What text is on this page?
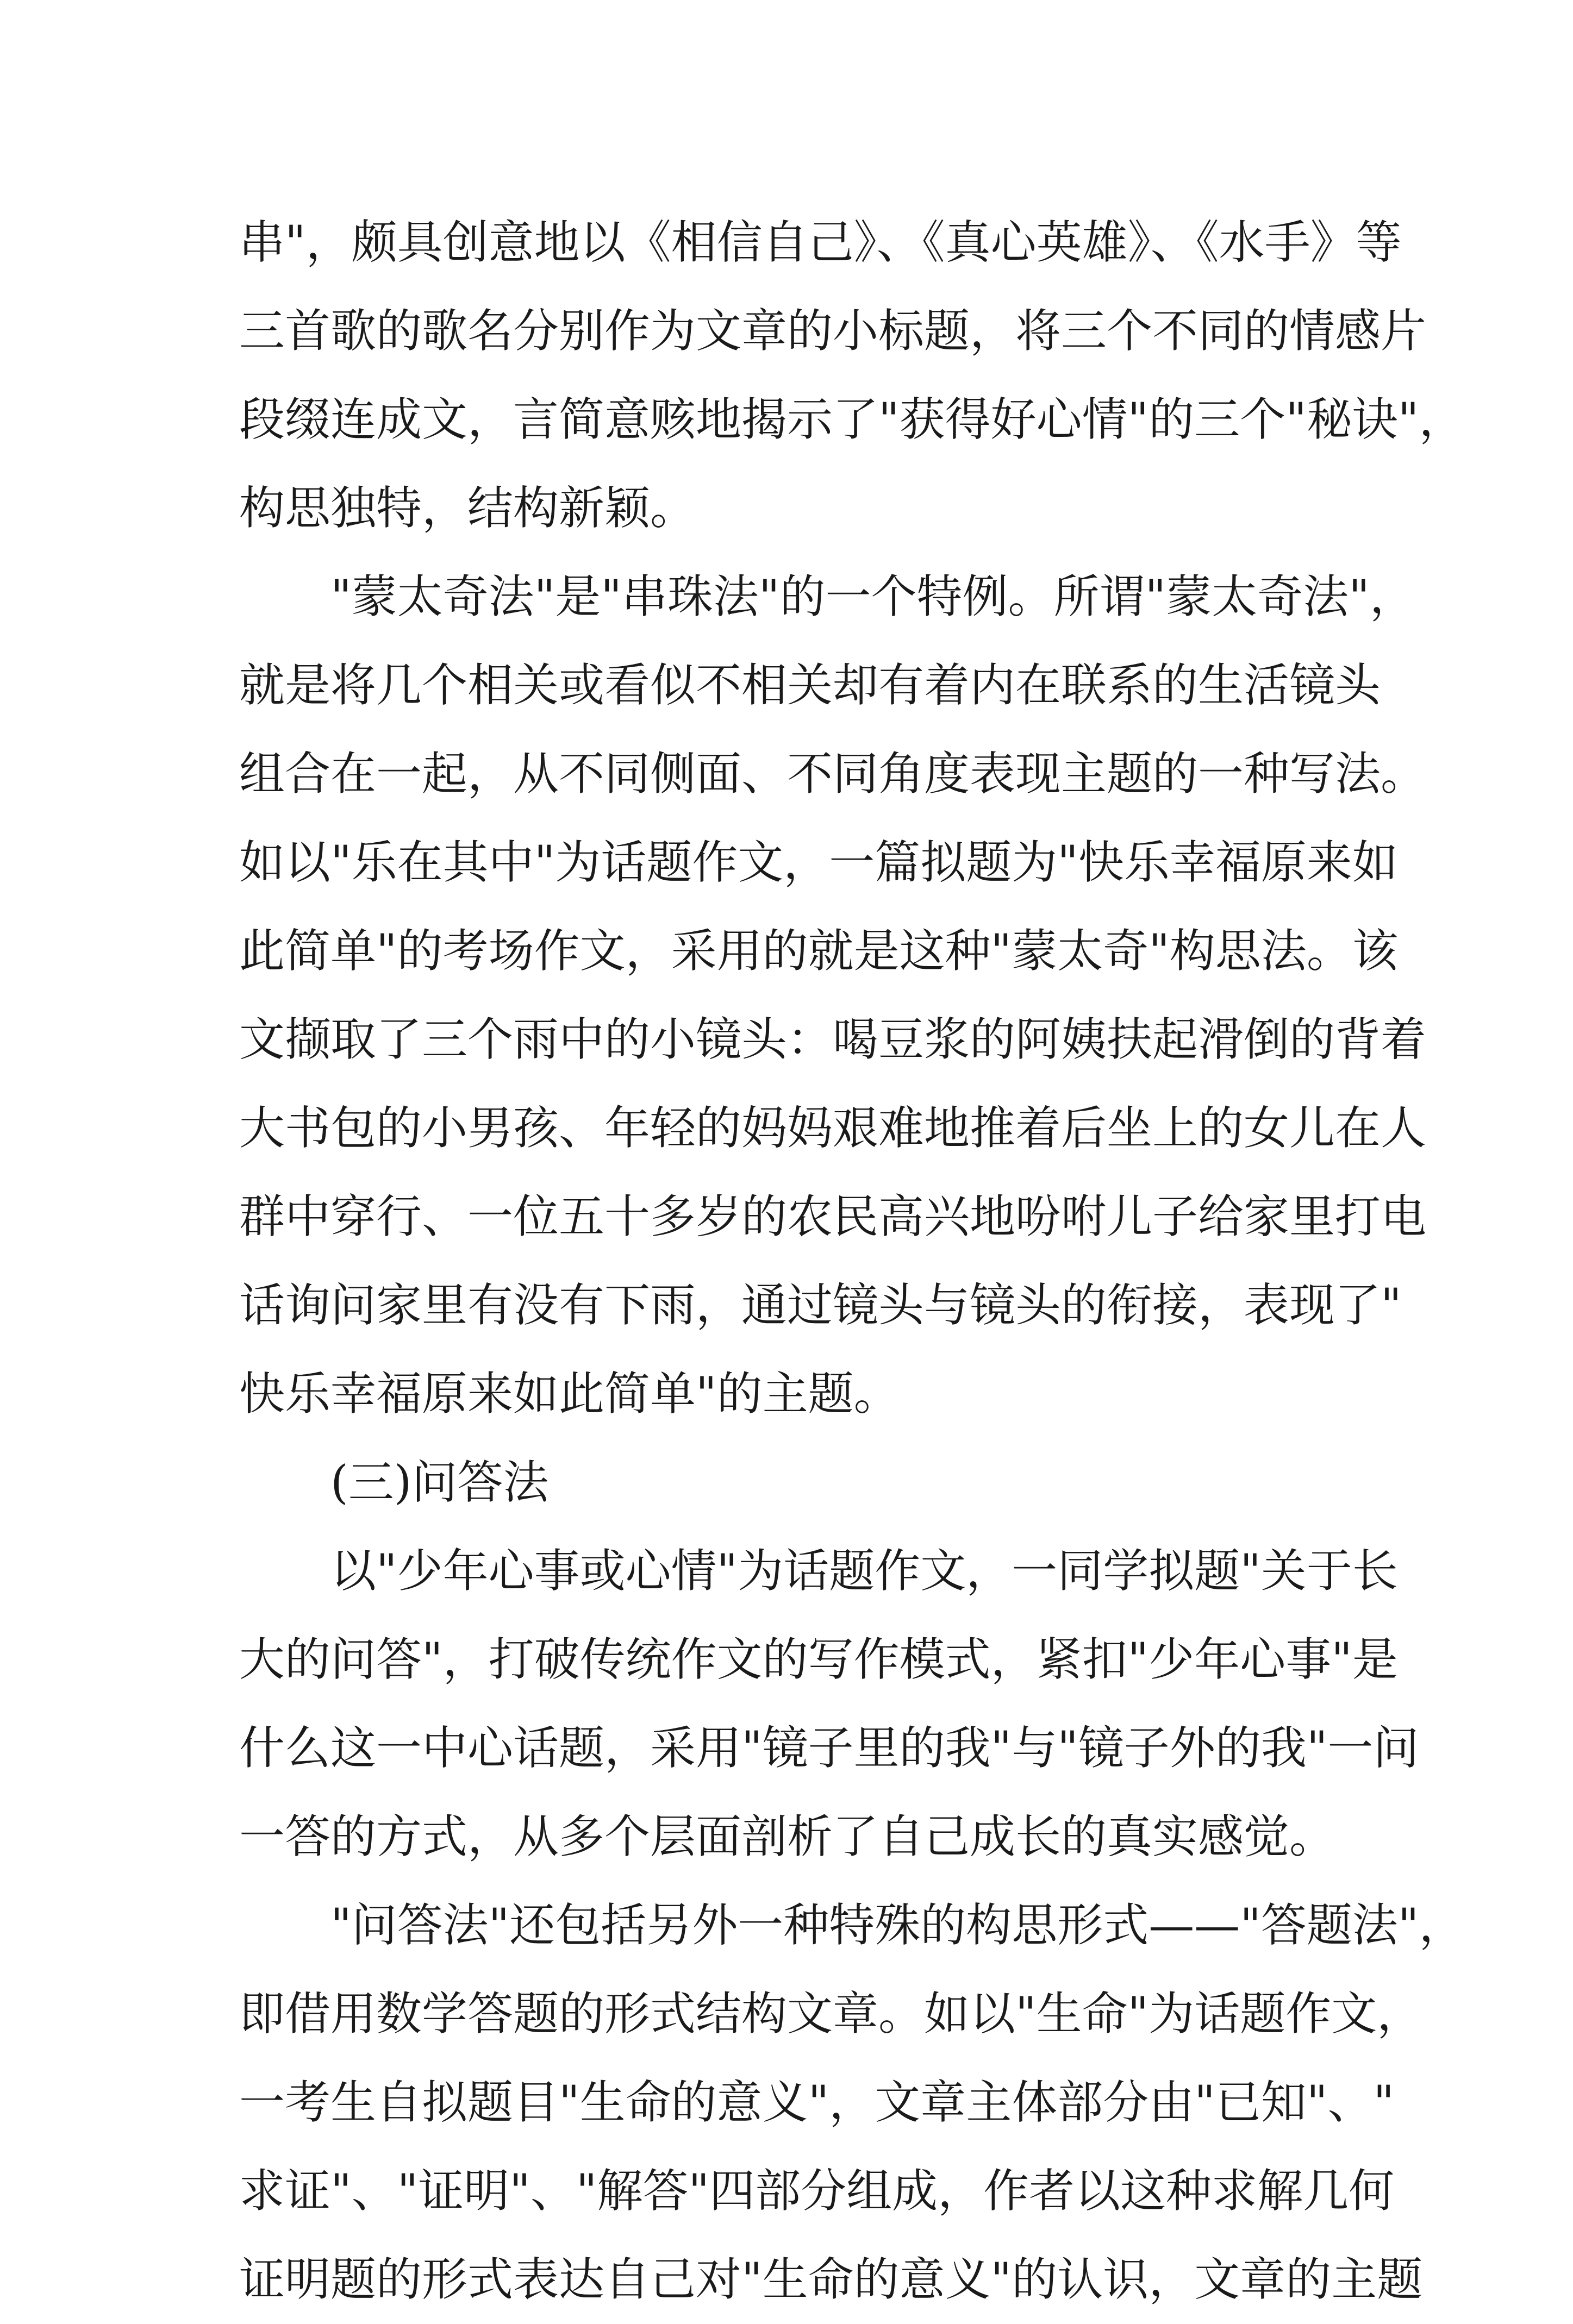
串"，颇具创意地以《相信自己》、《真心英雄》、《水手》等
三首歌的歌名分别作为文章的小标题，将三个不同的情感片
段缀连成文，言简意赅地揭示了"获得好心情"的三个"秘诀"，
构思独特，结构新颖。
"蒙太奇法"是"串珠法"的一个特例。所谓"蒙太奇法"，
就是将几个相关或看似不相关却有着内在联系的生活镜头
组合在一起，从不同侧面、不同角度表现主题的一种写法。
如以"乐在其中"为话题作文，一篇拟题为"快乐幸福原来如
此简单"的考场作文，采用的就是这种"蒙太奇"构思法。该
文撷取了三个雨中的小镜头：喝豆浆的阿姨扶起滑倒的背着
大书包的小男孩、年轻的妈妈艰难地推着后坐上的女儿在人
群中穿行、一位五十多岁的农民高兴地吩咐儿子给家里打电
话询问家里有没有下雨，通过镜头与镜头的衔接，表现了"
快乐幸福原来如此简单"的主题。
(三)问答法
以"少年心事或心情"为话题作文，一同学拟题"关于长
大的问答"，打破传统作文的写作模式，紧扣"少年心事"是
什么这一中心话题，采用"镜子里的我"与"镜子外的我"一问
一答的方式，从多个层面剖析了自己成长的真实感觉。
"问答法"还包括另外一种特殊的构思形式——"答题法"，
即借用数学答题的形式结构文章。如以"生命"为话题作文，
一考生自拟题目"生命的意义"，文章主体部分由"已知"、"
求证"、"证明"、"解答"四部分组成，作者以这种求解几何
证明题的形式表达自己对"生命的意义"的认识，文章的主题
